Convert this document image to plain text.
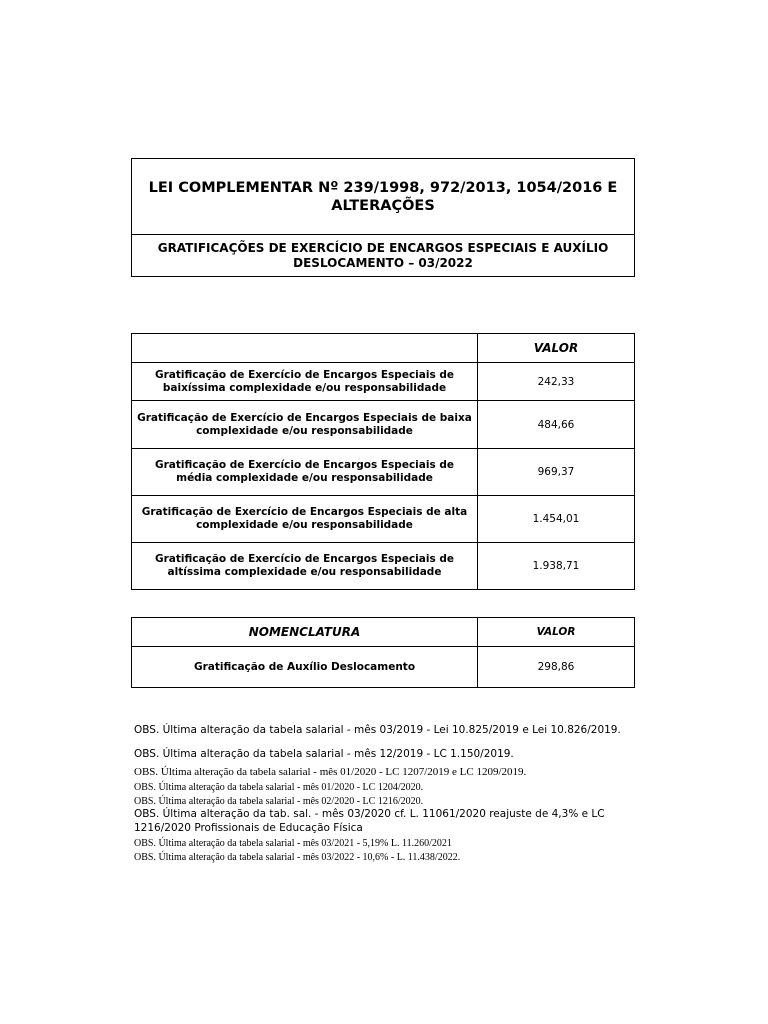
LEI COMPLEMENTAR Nº 239/1998, 972/2013, 1054/2016 E ALTERAÇÕES
GRATIFICAÇÕES DE EXERCÍCIO DE ENCARGOS ESPECIAIS E AUXÍLIO DESLOCAMENTO – 03/2022
	VALOR
Gratificação de Exercício de Encargos Especiais de baixíssima complexidade e/ou responsabilidade	242,33
Gratificação de Exercício de Encargos Especiais de baixa complexidade e/ou responsabilidade	484,66
Gratificação de Exercício de Encargos Especiais de média complexidade e/ou responsabilidade	969,37
Gratificação de Exercício de Encargos Especiais de alta complexidade e/ou responsabilidade	1.454,01
Gratificação de Exercício de Encargos Especiais de altíssima complexidade e/ou responsabilidade	1.938,71
NOMENCLATURA	VALOR
Gratificação de Auxílio Deslocamento	298,86
OBS. Última alteração da tabela salarial - mês 03/2019 - Lei 10.825/2019 e Lei 10.826/2019.
OBS. Última alteração da tabela salarial - mês 12/2019 - LC 1.150/2019.
OBS. Última alteração da tabela salarial - mês 01/2020 - LC 1207/2019 e LC 1209/2019.
OBS. Última alteração da tabela salarial - mês 01/2020 - LC 1204/2020.
OBS. Última alteração da tabela salarial - mês 02/2020 - LC 1216/2020.
OBS. Última alteração da tab. sal. - mês 03/2020 cf. L. 11061/2020 reajuste de 4,3% e LC
1216/2020 Profissionais de Educação Física
OBS. Última alteração da tabela salarial - mês 03/2021 - 5,19% L. 11.260/2021
OBS. Última alteração da tabela salarial - mês 03/2022 - 10,6% - L. 11.438/2022.
